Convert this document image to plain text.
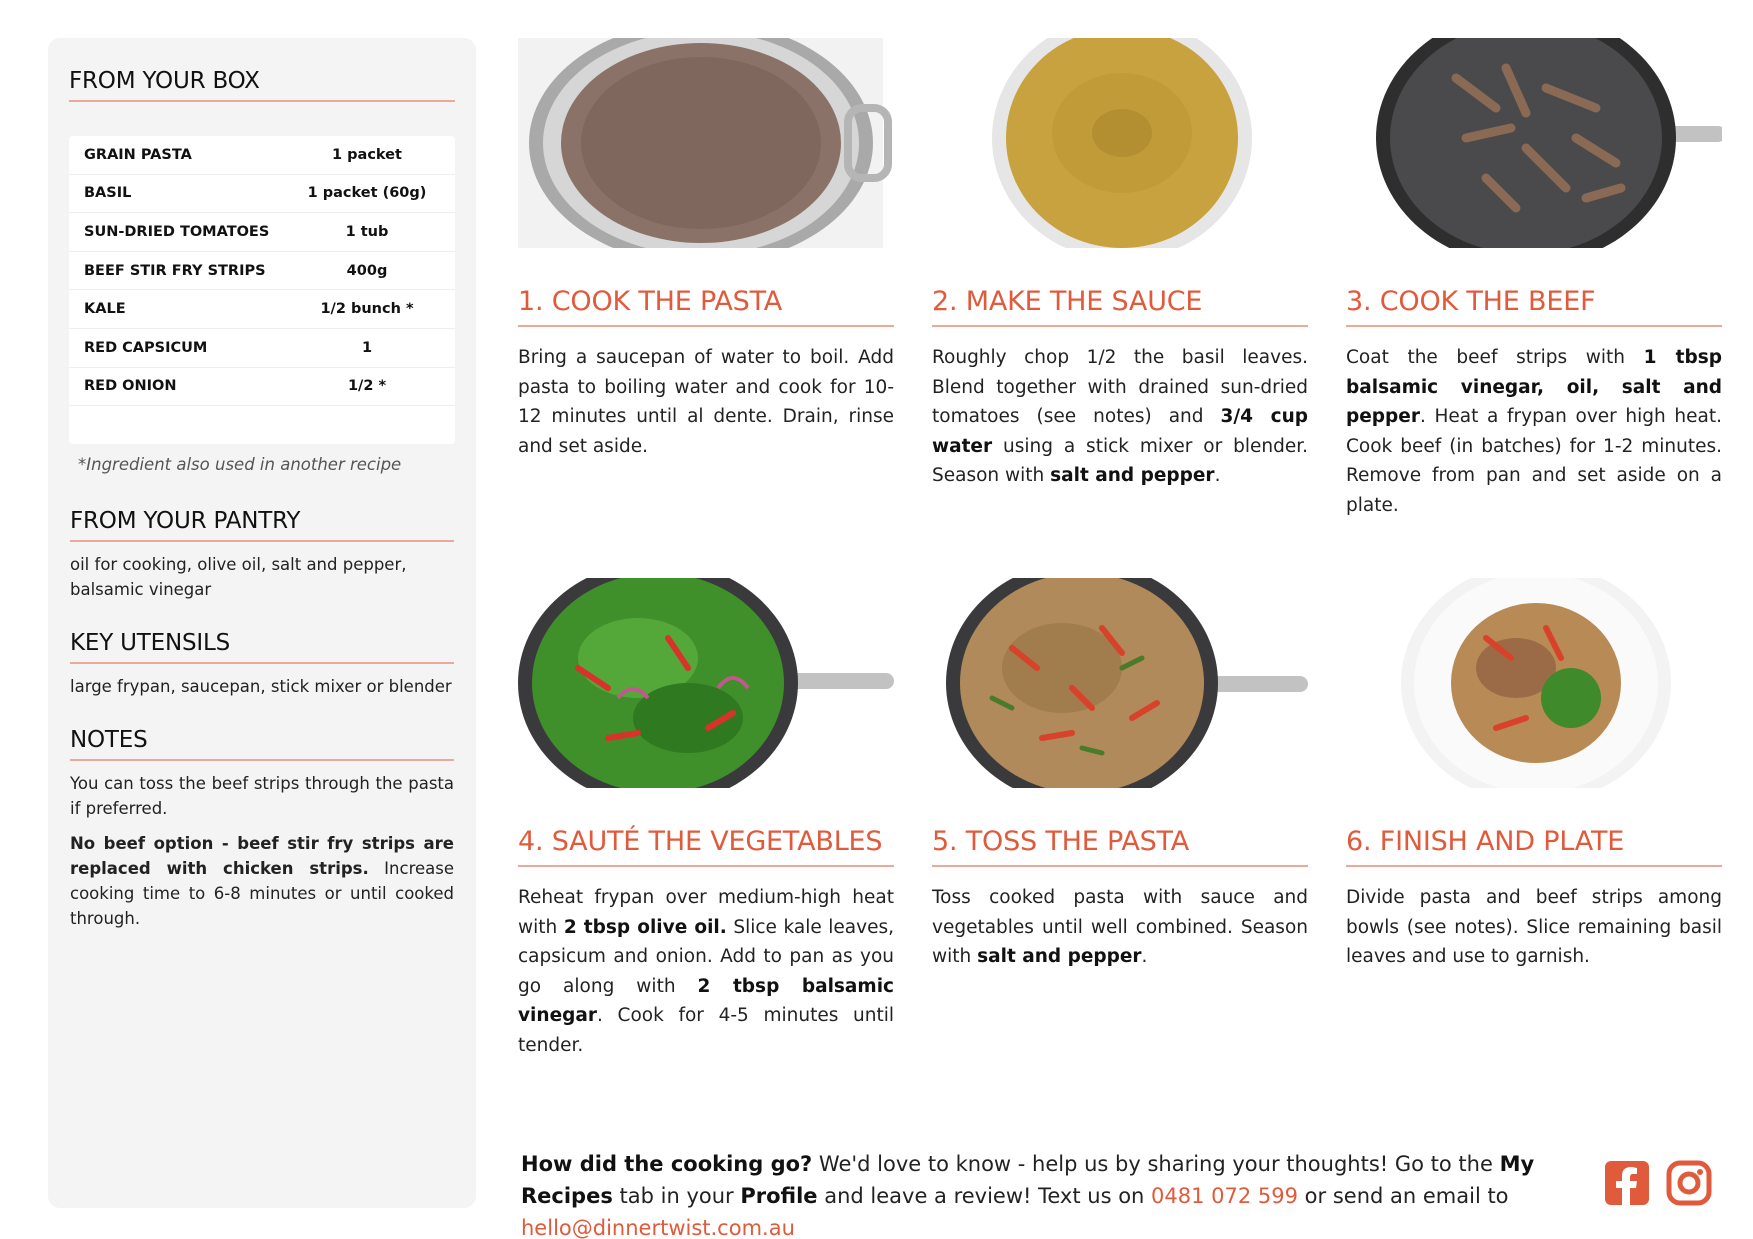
FROM YOUR BOX
GRAIN PASTA	1 packet
BASIL	1 packet (60g)
SUN-DRIED TOMATOES	1 tub
BEEF STIR FRY STRIPS	400g
KALE	1/2 bunch *
RED CAPSICUM	1
RED ONION	1/2 *
*Ingredient also used in another recipe
FROM YOUR PANTRY
oil for cooking, olive oil, salt and pepper, balsamic vinegar
KEY UTENSILS
large frypan, saucepan, stick mixer or blender
NOTES

You can toss the beef strips through the pasta if preferred.

No beef option - beef stir fry strips are replaced with chicken strips. Increase cooking time to 6-8 minutes or until cooked through.

1. COOK THE PASTA
Bring a saucepan of water to boil. Add pasta to boiling water and cook for 10-12 minutes until al dente. Drain, rinse and set aside.
2. MAKE THE SAUCE
Roughly chop 1/2 the basil leaves. Blend together with drained sun-dried tomatoes (see notes) and 3/4 cup water using a stick mixer or blender. Season with salt and pepper.
3. COOK THE BEEF
Coat the beef strips with 1 tbsp balsamic vinegar, oil, salt and pepper. Heat a frypan over high heat. Cook beef (in batches) for 1-2 minutes. Remove from pan and set aside on a plate.
4. SAUTÉ THE VEGETABLES
Reheat frypan over medium-high heat with 2 tbsp olive oil. Slice kale leaves, capsicum and onion. Add to pan as you go along with 2 tbsp balsamic vinegar. Cook for 4-5 minutes until tender.
5. TOSS THE PASTA
Toss cooked pasta with sauce and vegetables until well combined. Season with salt and pepper.
6. FINISH AND PLATE
Divide pasta and beef strips among bowls (see notes). Slice remaining basil leaves and use to garnish.
How did the cooking go? We'd love to know - help us by sharing your thoughts! Go to the My Recipes tab in your Profile and leave a review! Text us on 0481 072 599 or send an email to hello@dinnertwist.com.au
